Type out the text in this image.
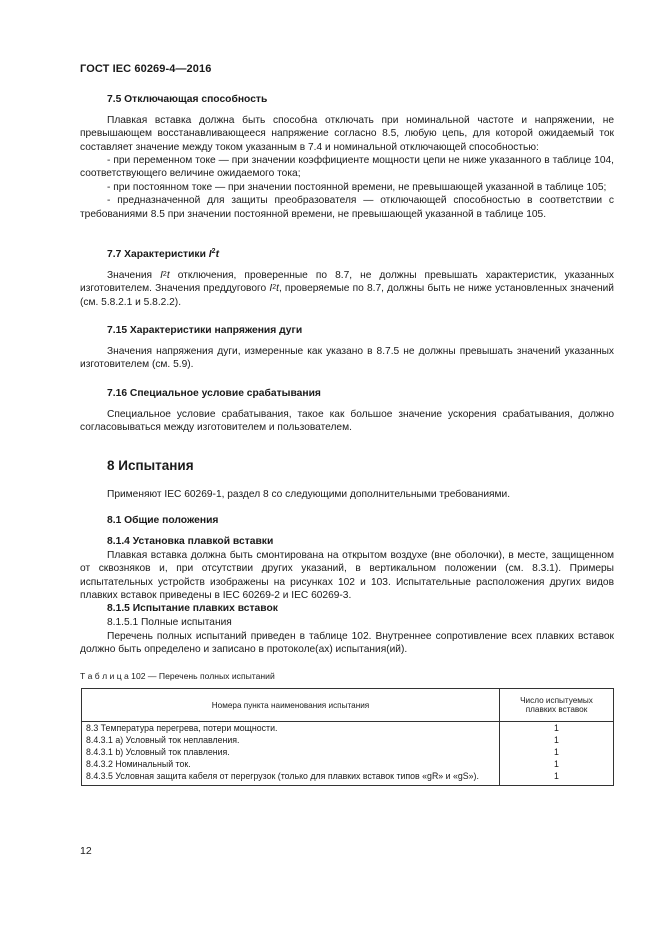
ГОСТ IEC 60269-4—2016
7.5 Отключающая способность
Плавкая вставка должна быть способна отключать при номинальной частоте и напряжении, не превышающем восстанавливающееся напряжение согласно 8.5, любую цепь, для которой ожидаемый ток составляет значение между током указанным в 7.4 и номинальной отключающей способностью:
- при переменном токе — при значении коэффициенте мощности цепи не ниже указанного в таблице 104, соответствующего величине ожидаемого тока;
- при постоянном токе — при значении постоянной времени, не превышающей указанной в таблице 105;
- предназначенной для защиты преобразователя — отключающей способностью в соответствии с требованиями 8.5 при значении постоянной времени, не превышающей указанной в таблице 105.
7.7 Характеристики $I^2t$
Значения $I^2t$ отключения, проверенные по 8.7, не должны превышать характеристик, указанных изготовителем. Значения преддугового $I^2t$, проверяемые по 8.7, должны быть не ниже установленных значений (см. 5.8.2.1 и 5.8.2.2).
7.15 Характеристики напряжения дуги
Значения напряжения дуги, измеренные как указано в 8.7.5 не должны превышать значений указанных изготовителем (см. 5.9).
7.16 Специальное условие срабатывания
Специальное условие срабатывания, такое как большое значение ускорения срабатывания, должно согласовываться между изготовителем и пользователем.
8 Испытания
Применяют IEC 60269-1, раздел 8 со следующими дополнительными требованиями.
8.1 Общие положения
8.1.4 Установка плавкой вставки
Плавкая вставка должна быть смонтирована на открытом воздухе (вне оболочки), в месте, защищенном от сквозняков и, при отсутствии других указаний, в вертикальном положении (см. 8.3.1). Примеры испытательных устройств изображены на рисунках 102 и 103. Испытательные расположения других видов плавких вставок приведены в IEC 60269-2 и IEC 60269-3.
8.1.5 Испытание плавких вставок
8.1.5.1 Полные испытания
Перечень полных испытаний приведен в таблице 102. Внутреннее сопротивление всех плавких вставок должно быть определено и записано в протоколе(ах) испытания(ий).
Т а б л и ц а 102 — Перечень полных испытаний
Номера пункта наименования испытания	Число испытуемых плавких вставок
8.3 Температура перегрева, потери мощности.	1
8.4.3.1 а) Условный ток неплавления.	1
8.4.3.1 b) Условный ток плавления.	1
8.4.3.2 Номинальный ток.	1
8.4.3.5 Условная защита кабеля от перегрузок (только для плавких вставок типов «gR» и «gS»).	1
12
